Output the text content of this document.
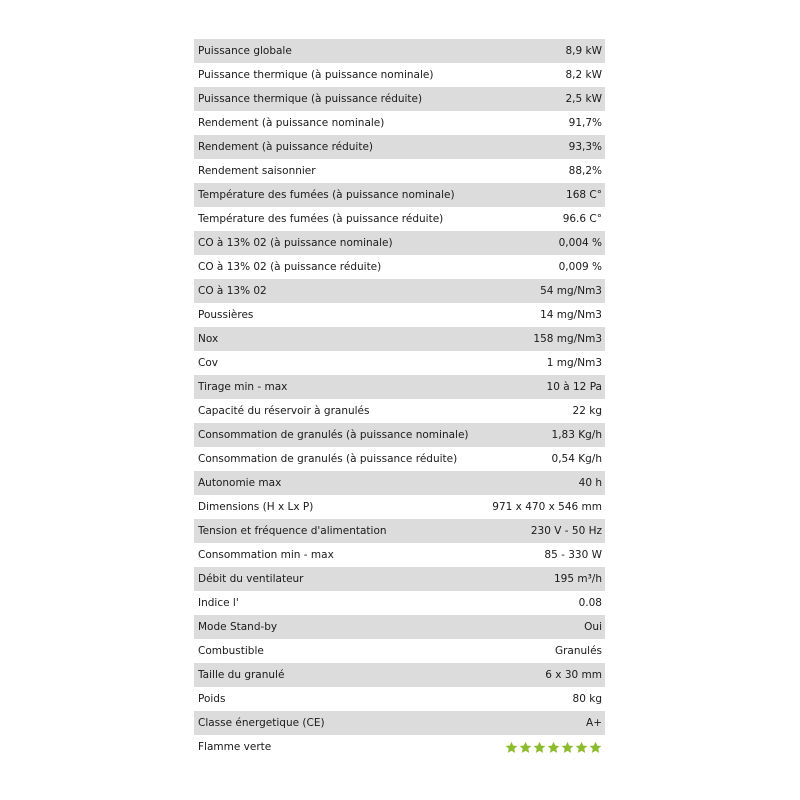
Puissance globale	8,9 kW
Puissance thermique (à puissance nominale)	8,2 kW
Puissance thermique (à puissance réduite)	2,5 kW
Rendement (à puissance nominale)	91,7%
Rendement (à puissance réduite)	93,3%
Rendement saisonnier	88,2%
Température des fumées (à puissance nominale)	168 C°
Température des fumées (à puissance réduite)	96.6 C°
CO à 13% 02 (à puissance nominale)	0,004 %
CO à 13% 02 (à puissance réduite)	0,009 %
CO à 13% 02	54 mg/Nm3
Poussières	14 mg/Nm3
Nox	158 mg/Nm3
Cov	1 mg/Nm3
Tirage min - max	10 à 12 Pa
Capacité du réservoir à granulés	22 kg
Consommation de granulés (à puissance nominale)	1,83 Kg/h
Consommation de granulés (à puissance réduite)	0,54 Kg/h
Autonomie max	40 h
Dimensions (H x Lx P)	971 x 470 x 546 mm
Tension et fréquence d'alimentation	230 V - 50 Hz
Consommation min - max	85 - 330 W
Débit du ventilateur	195 m³/h
Indice l'	0.08
Mode Stand-by	Oui
Combustible	Granulés
Taille du granulé	6 x 30 mm
Poids	80 kg
Classe énergetique (CE)	A+
Flamme verte
